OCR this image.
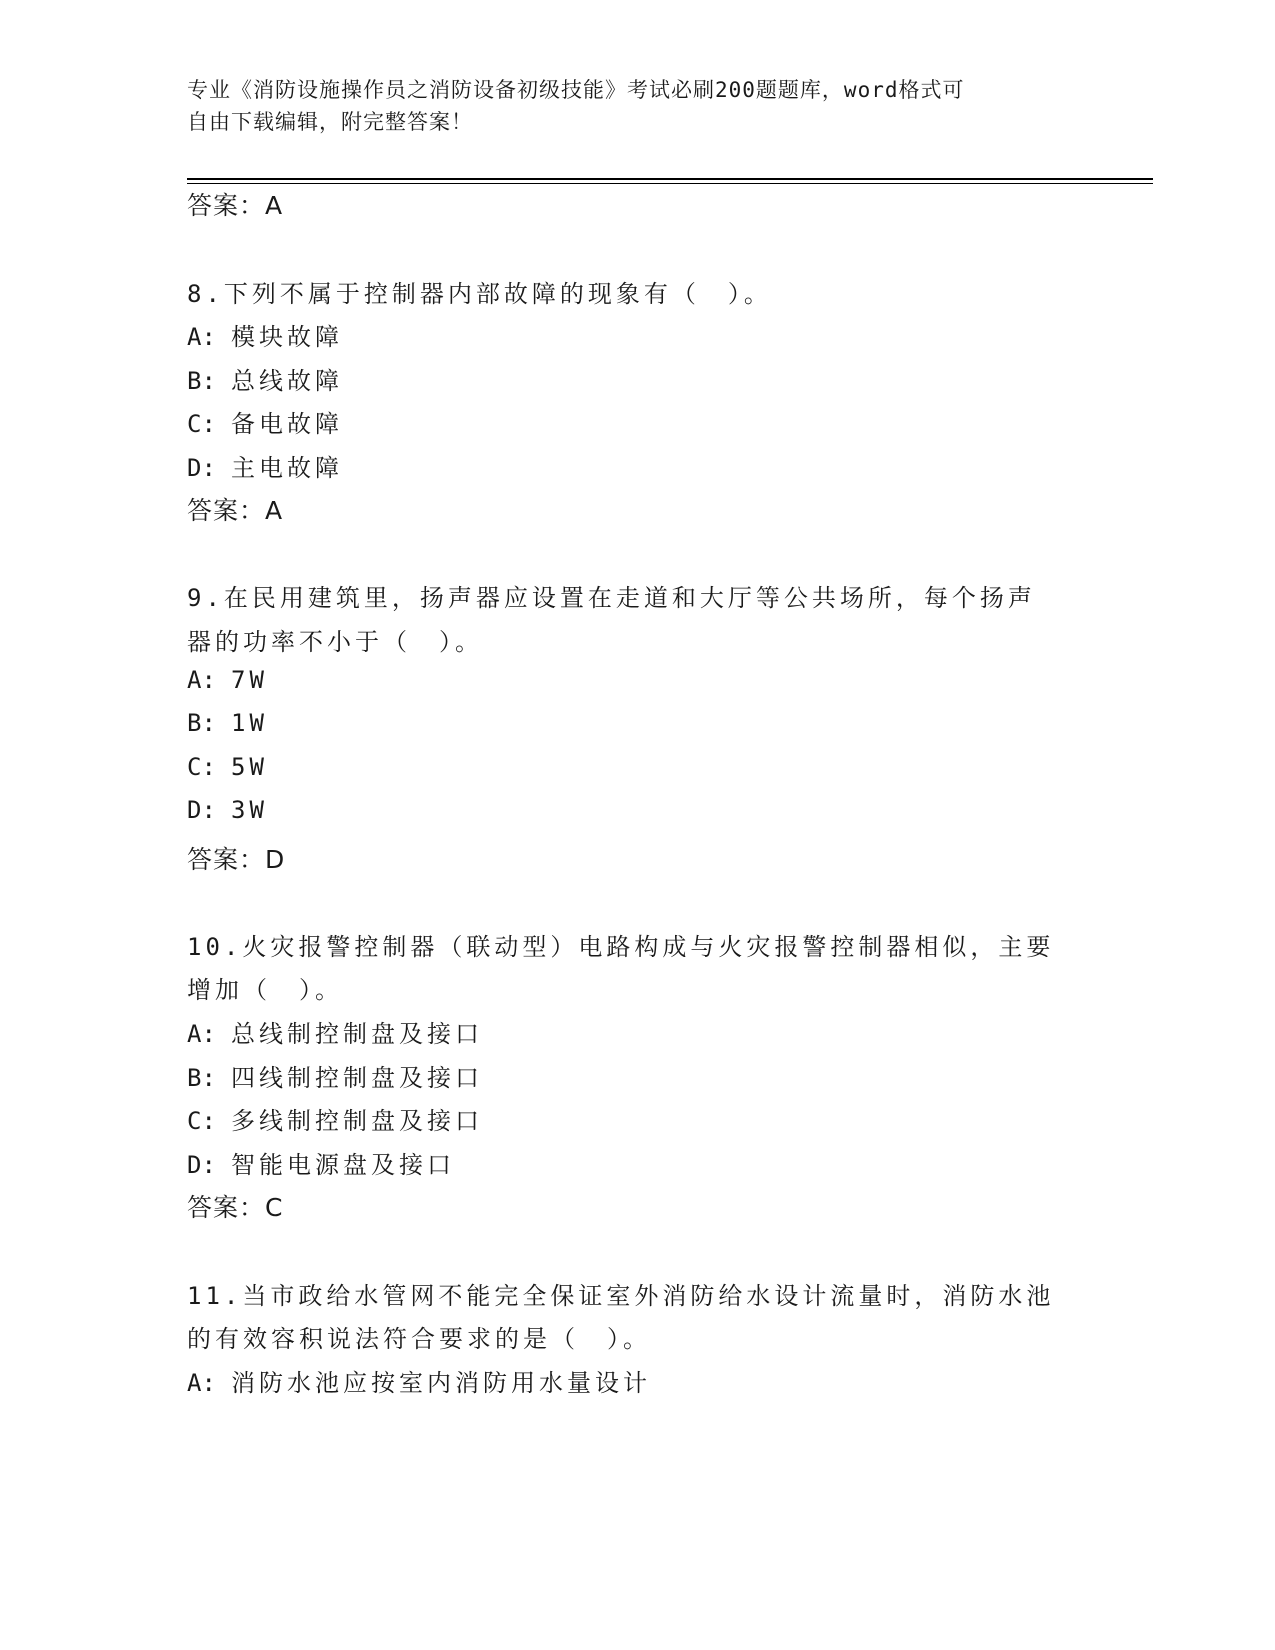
专业《消防设施操作员之消防设备初级技能》考试必刷200题题库，word格式可
自由下载编辑，附完整答案！
答案：A
8.下列不属于控制器内部故障的现象有（　）。
A: 模块故障
B: 总线故障
C: 备电故障
D: 主电故障
答案：A
9.在民用建筑里，扬声器应设置在走道和大厅等公共场所，每个扬声
器的功率不小于（　）。
A: 7W
B: 1W
C: 5W
D: 3W
答案：D
10.火灾报警控制器（联动型）电路构成与火灾报警控制器相似，主要
增加（　）。
A: 总线制控制盘及接口
B: 四线制控制盘及接口
C: 多线制控制盘及接口
D: 智能电源盘及接口
答案：C
11.当市政给水管网不能完全保证室外消防给水设计流量时，消防水池
的有效容积说法符合要求的是（　）。
A: 消防水池应按室内消防用水量设计
